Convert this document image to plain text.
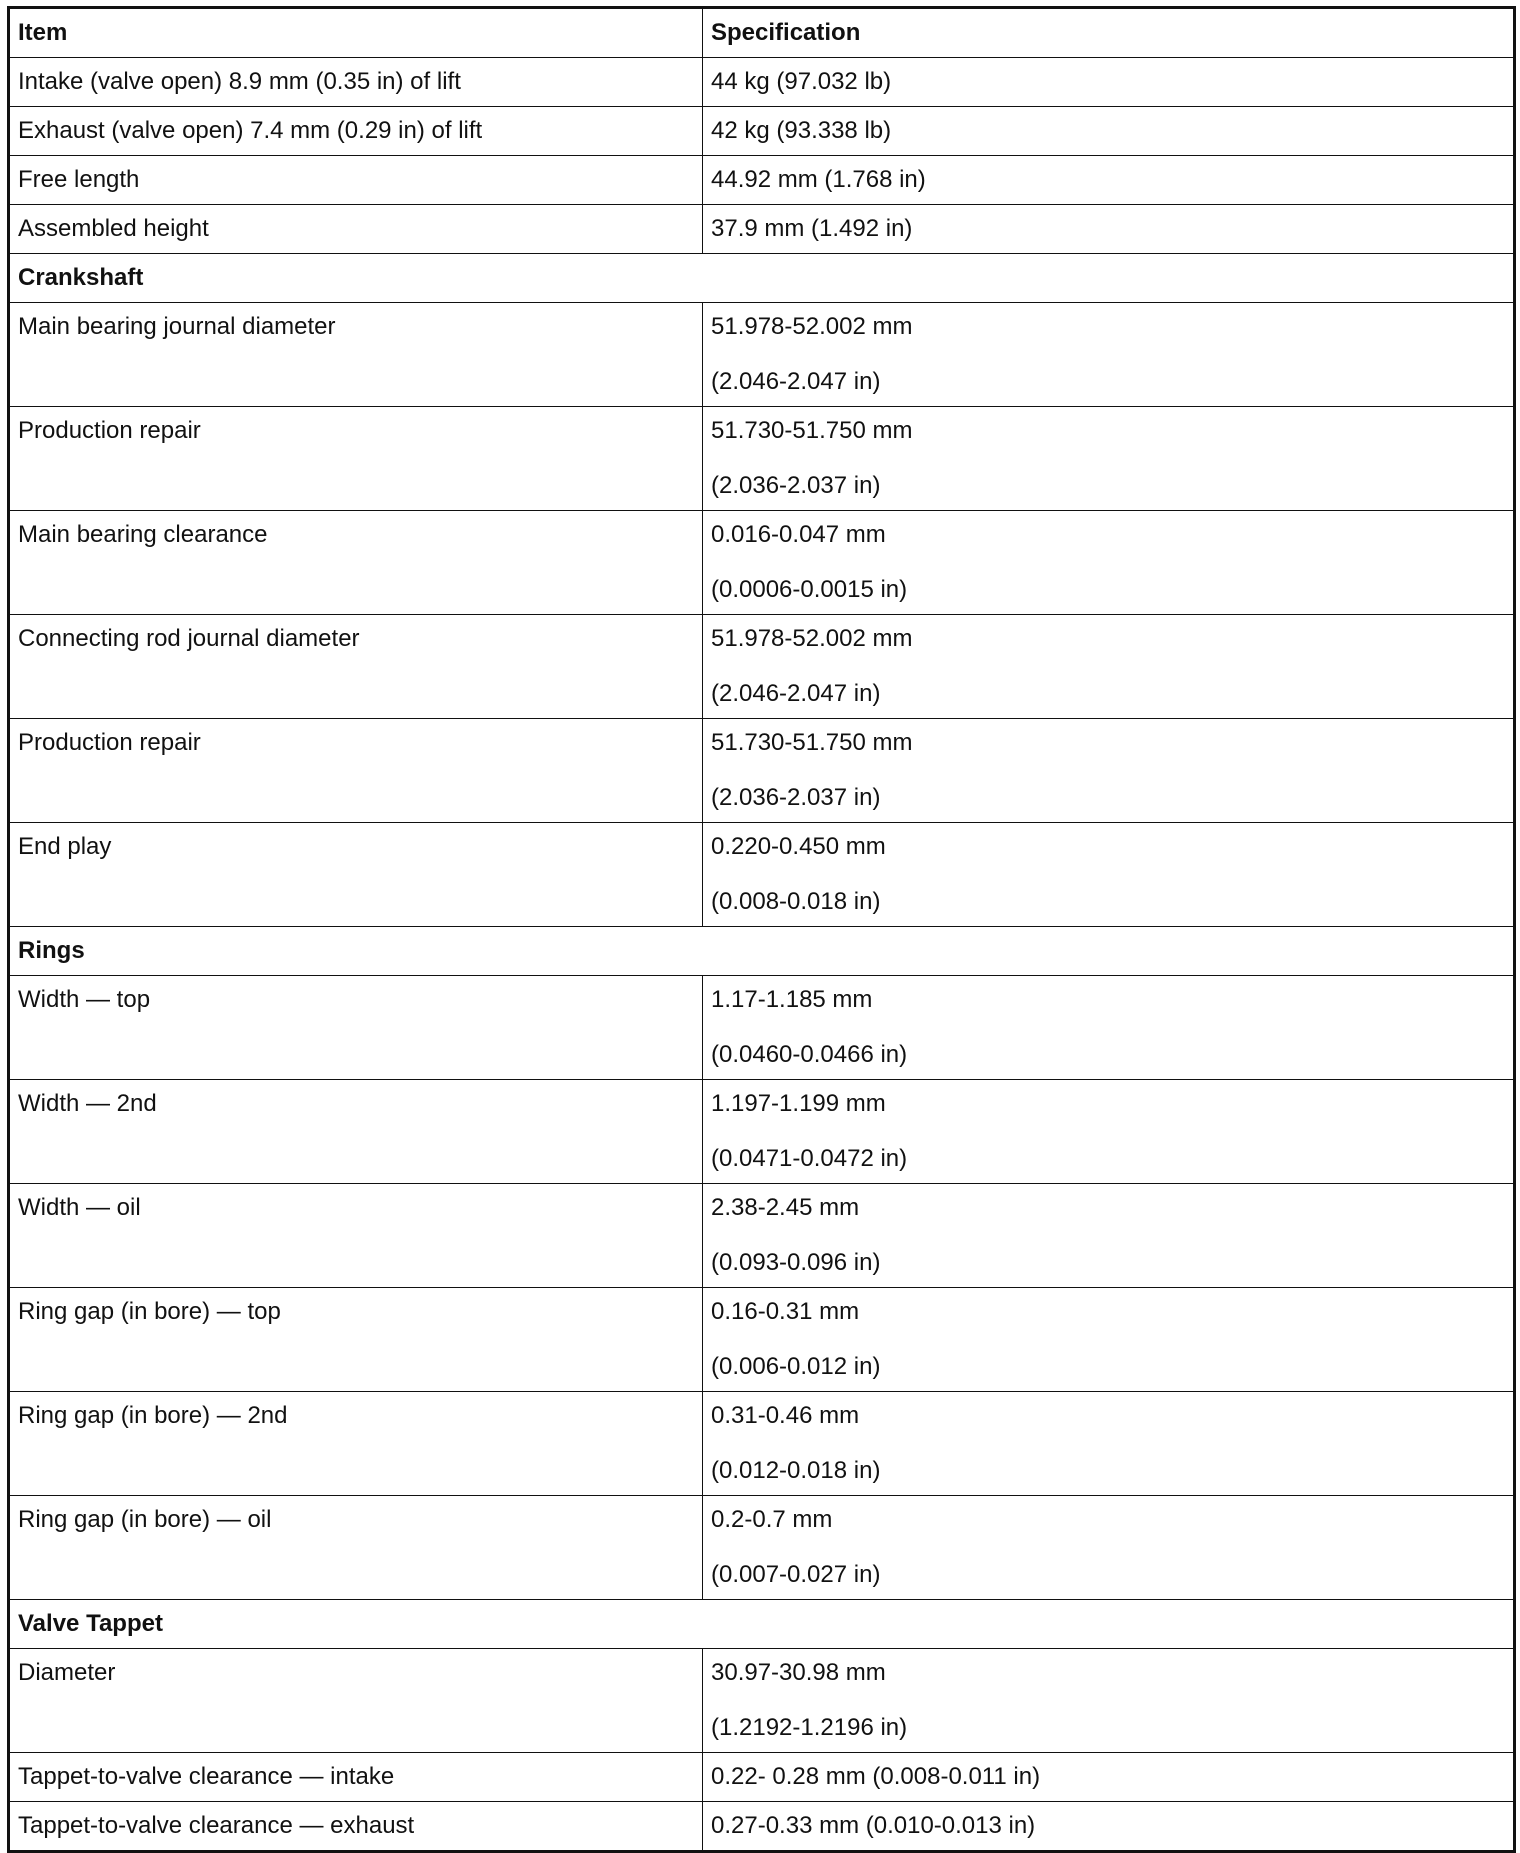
Item	Specification
Intake (valve open) 8.9 mm (0.35 in) of lift	44 kg (97.032 lb)
Exhaust (valve open) 7.4 mm (0.29 in) of lift	42 kg (93.338 lb)
Free length	44.92 mm (1.768 in)
Assembled height	37.9 mm (1.492 in)
Crankshaft	
Main bearing journal diameter	51.978-52.002 mm
(2.046-2.047 in)

Production repair	51.730-51.750 mm
(2.036-2.037 in)

Main bearing clearance	0.016-0.047 mm
(0.0006-0.0015 in)

Connecting rod journal diameter	51.978-52.002 mm
(2.046-2.047 in)

Production repair	51.730-51.750 mm
(2.036-2.037 in)

End play	0.220-0.450 mm
(0.008-0.018 in)

Rings	
Width — top	1.17-1.185 mm
(0.0460-0.0466 in)

Width — 2nd	1.197-1.199 mm
(0.0471-0.0472 in)

Width — oil	2.38-2.45 mm
(0.093-0.096 in)

Ring gap (in bore) — top	0.16-0.31 mm
(0.006-0.012 in)

Ring gap (in bore) — 2nd	0.31-0.46 mm
(0.012-0.018 in)

Ring gap (in bore) — oil	0.2-0.7 mm
(0.007-0.027 in)

Valve Tappet	
Diameter	30.97-30.98 mm
(1.2192-1.2196 in)

Tappet-to-valve clearance — intake	0.22- 0.28 mm (0.008-0.011 in)
Tappet-to-valve clearance — exhaust	0.27-0.33 mm (0.010-0.013 in)
